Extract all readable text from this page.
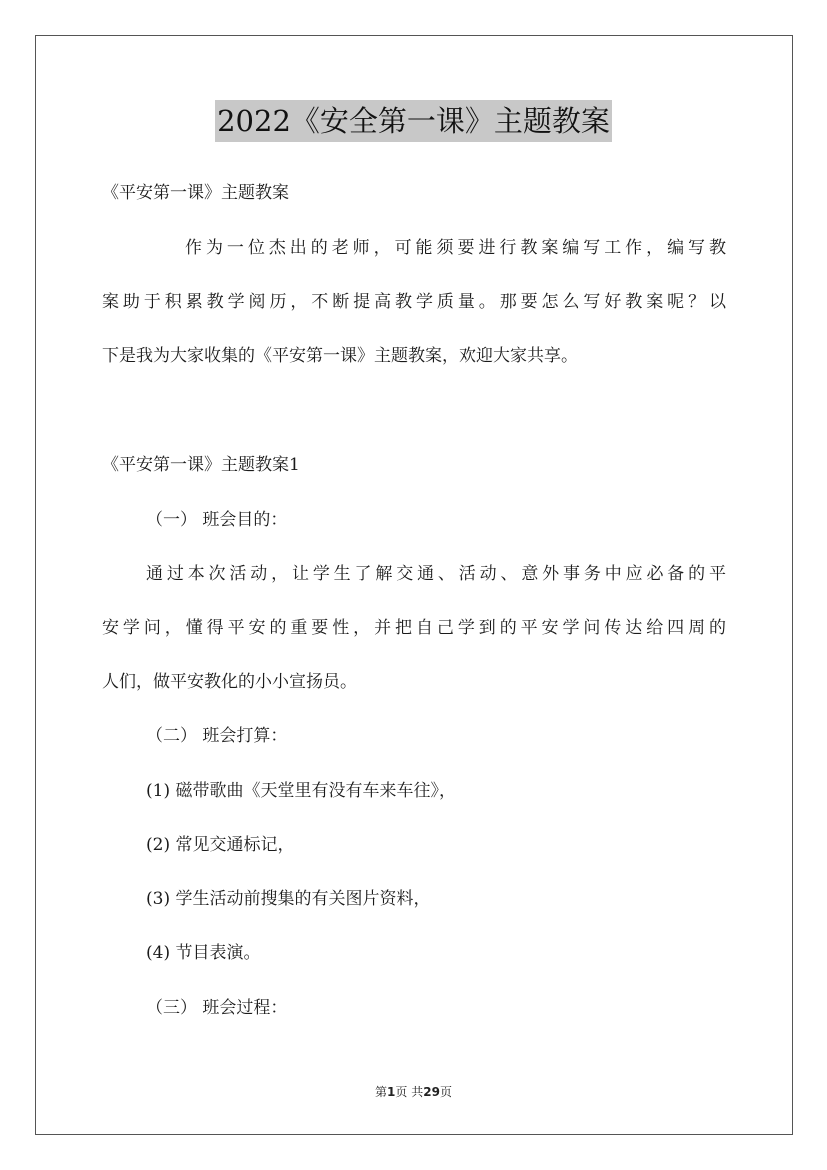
2022《安全第一课》主题教案
《平安第一课》主题教案
作为一位杰出的老师，可能须要进行教案编写工作，编写教
案助于积累教学阅历，不断提高教学质量。那要怎么写好教案呢？以
下是我为大家收集的《平安第一课》主题教案，欢迎大家共享。
《平安第一课》主题教案1
（一） 班会目的：
通过本次活动，让学生了解交通、活动、意外事务中应必备的平
安学问，懂得平安的重要性，并把自己学到的平安学问传达给四周的
人们，做平安教化的小小宣扬员。
（二） 班会打算：
(1) 磁带歌曲《天堂里有没有车来车往》，
(2) 常见交通标记，
(3) 学生活动前搜集的有关图片资料，
(4) 节目表演。
（三） 班会过程：
第1页 共29页
